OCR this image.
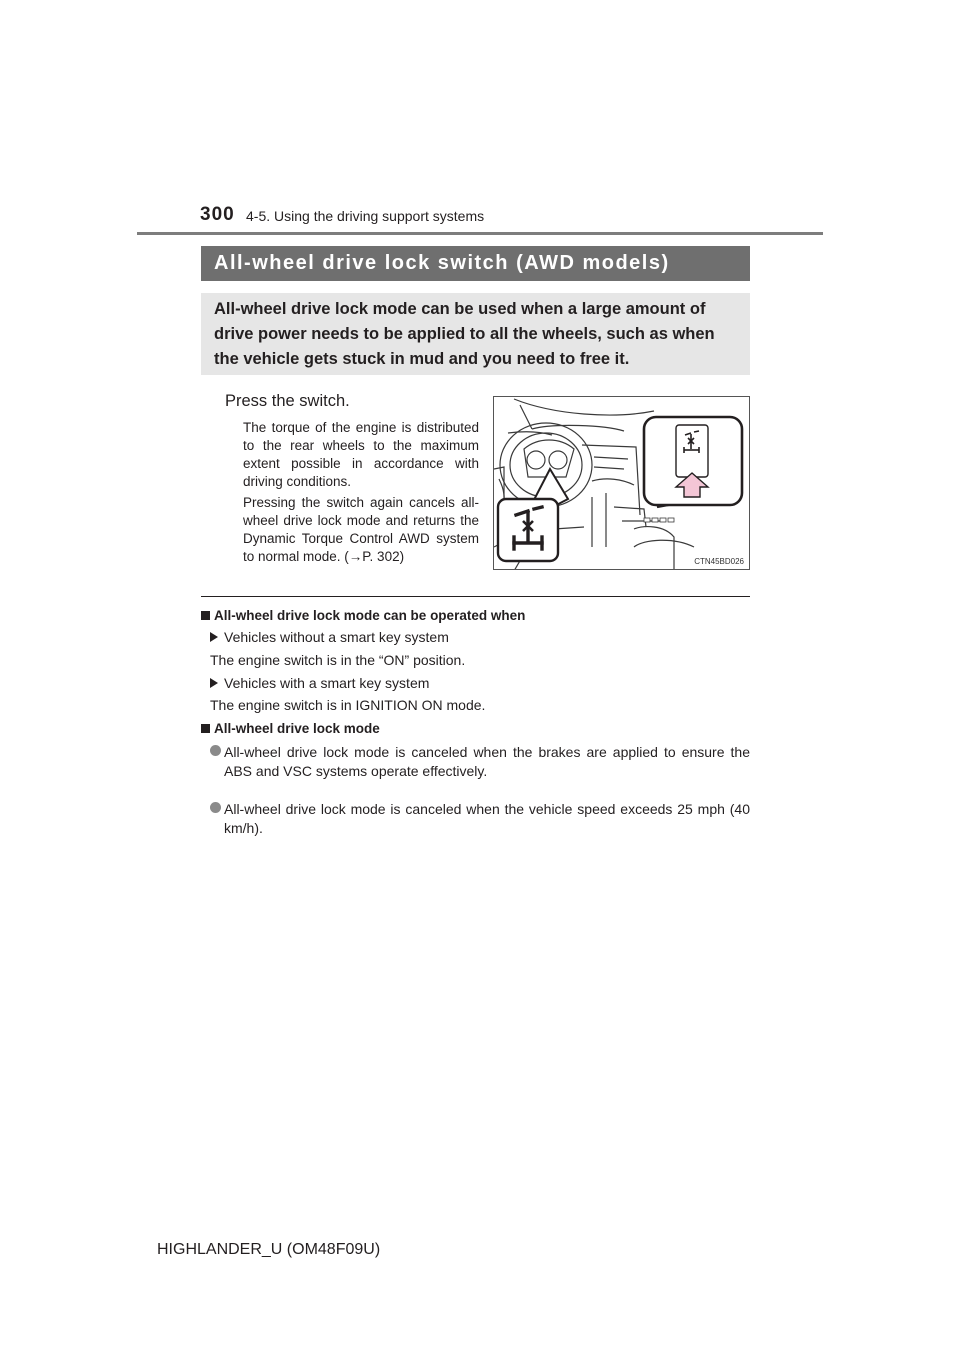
300 4-5. Using the driving support systems
All-wheel drive lock switch (AWD models)
All-wheel drive lock mode can be used when a large amount of drive power needs to be applied to all the wheels, such as when the vehicle gets stuck in mud and you need to free it.
Press the switch.
The torque of the engine is distributed to the rear wheels to the maximum extent possible in accordance with driving conditions.
Pressing the switch again cancels all-wheel drive lock mode and returns the Dynamic Torque Control AWD system to normal mode. (→P. 302)	CTN45BD026
All-wheel drive lock mode can be operated when
Vehicles without a smart key system
The engine switch is in the “ON” position.
Vehicles with a smart key system
The engine switch is in IGNITION ON mode.
All-wheel drive lock mode
All-wheel drive lock mode is canceled when the brakes are applied to ensure the ABS and VSC systems operate effectively.
All-wheel drive lock mode is canceled when the vehicle speed exceeds 25 mph (40 km/h).
HIGHLANDER_U (OM48F09U)
